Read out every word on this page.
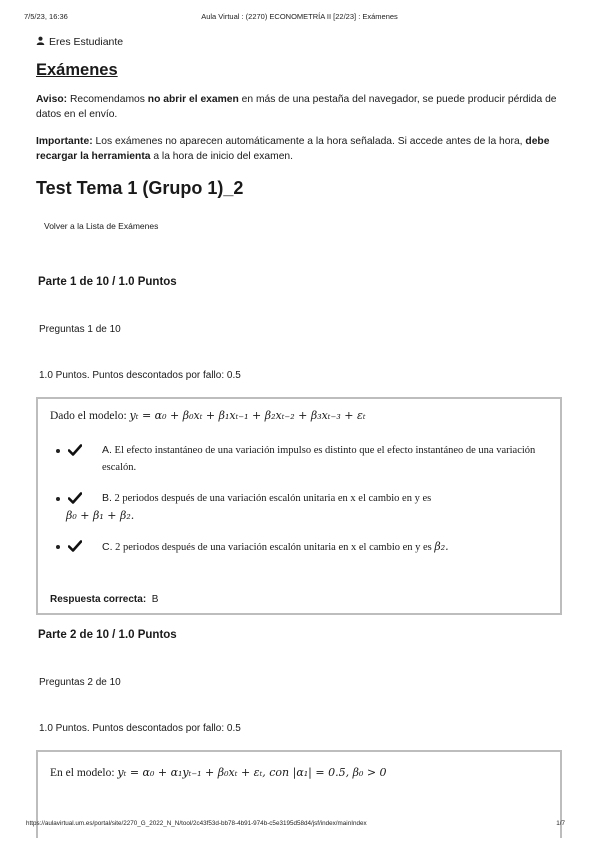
7/5/23, 16:36	Aula Virtual : (2270) ECONOMETRÍA II [22/23] : Exámenes
Eres Estudiante
Exámenes

Aviso: Recomendamos no abrir el examen en más de una pestaña del navegador, se puede producir pérdida de datos en el envío.

Importante: Los exámenes no aparecen automáticamente a la hora señalada. Si accede antes de la hora, debe recargar la herramienta a la hora de inicio del examen.

Test Tema 1 (Grupo 1)_2
Volver a la Lista de Exámenes
Parte 1 de 10 / 1.0 Puntos
Preguntas 1 de 10
1.0 Puntos. Puntos descontados por fallo: 0.5
Dado el modelo: yₜ = α₀ + β₀xₜ + β₁xₜ₋₁ + β₂xₜ₋₂ + β₃xₜ₋₃ + εₜ
A. El efecto instantáneo de una variación impulso es distinto que el efecto instantáneo de una variación escalón.
B. 2 periodos después de una variación escalón unitaria en x el cambio en y es
β₀ + β₁ + β₂.
C. 2 periodos después de una variación escalón unitaria en x el cambio en y es β₂.
Respuesta correcta: B
Parte 2 de 10 / 1.0 Puntos
Preguntas 2 de 10
1.0 Puntos. Puntos descontados por fallo: 0.5
En el modelo: yₜ = α₀ + α₁yₜ₋₁ + β₀xₜ + εₜ, con |α₁| = 0.5, β₀ > 0
https://aulavirtual.um.es/portal/site/2270_G_2022_N_N/tool/2c43f53d-bb78-4b91-974b-c5e3195d58d4/jsf/index/mainIndex	1/7
